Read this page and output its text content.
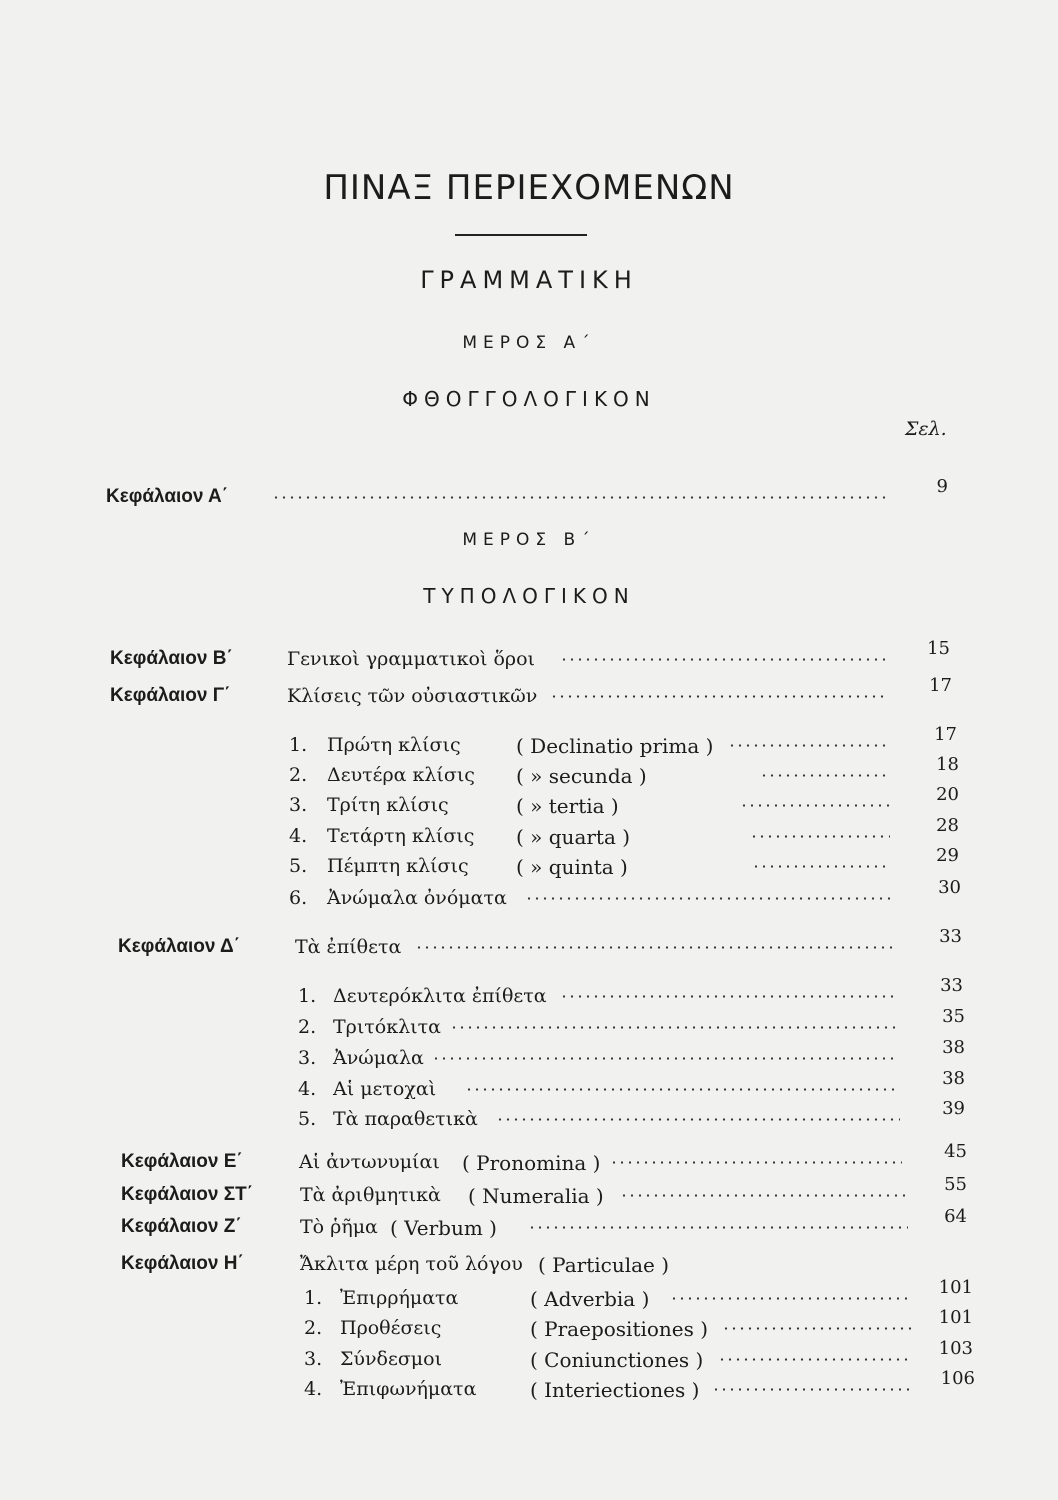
ΠΙΝΑΞ ΠΕΡΙΕΧΟΜΕΝΩΝ
ΓΡΑΜΜΑΤΙΚΗ
ΜΕΡΟΣ Α΄
ΦΘΟΓΓΟΛΟΓΙΚΟΝ
Σελ.
Κεφάλαιον Α΄	9
ΜΕΡΟΣ Β΄
ΤΥΠΟΛΟΓΙΚΟΝ
Κεφάλαιον Β΄	Γενικοὶ γραμματικοὶ ὅροι	15
Κεφάλαιον Γ΄	Κλίσεις τῶν οὐσιαστικῶν	17
1. Πρώτη κλίσις	( Declinatio prima )	17
2. Δευτέρα κλίσις ( » secunda )	18
3. Τρίτη κλίσις	( » tertia )	20
4. Τετάρτη κλίσις ( » quarta )	28
5. Πέμπτη κλίσις ( » quinta )	29
6. Ἀνώμαλα ὀνόματα	30
Κεφάλαιον Δ΄	Τὰ ἐπίθετα	33
1. Δευτερόκλιτα ἐπίθετα	33
2. Τριτόκλιτα	35
3. Ἀνώμαλα	38
4. Αἱ μετοχαὶ	38
5. Τὰ παραθετικὰ	39
Κεφάλαιον Ε΄	Αἱ ἀντωνυμίαι ( Pronomina )	45
Κεφάλαιον ΣΤ΄ Τὰ ἀριθμητικὰ ( Numeralia )	55
Κεφάλαιον Ζ΄	Τὸ ῥῆμα ( Verbum )	64
Κεφάλαιον Η΄	Ἄκλιτα μέρη τοῦ λόγου ( Particulae )
1. Ἐπιρρήματα	( Adverbia )	101
2. Προθέσεις	( Praepositiones )	101
3. Σύνδεσμοι	( Coniunctiones )	103
4. Ἐπιφωνήματα	( Interiectiones )	106
